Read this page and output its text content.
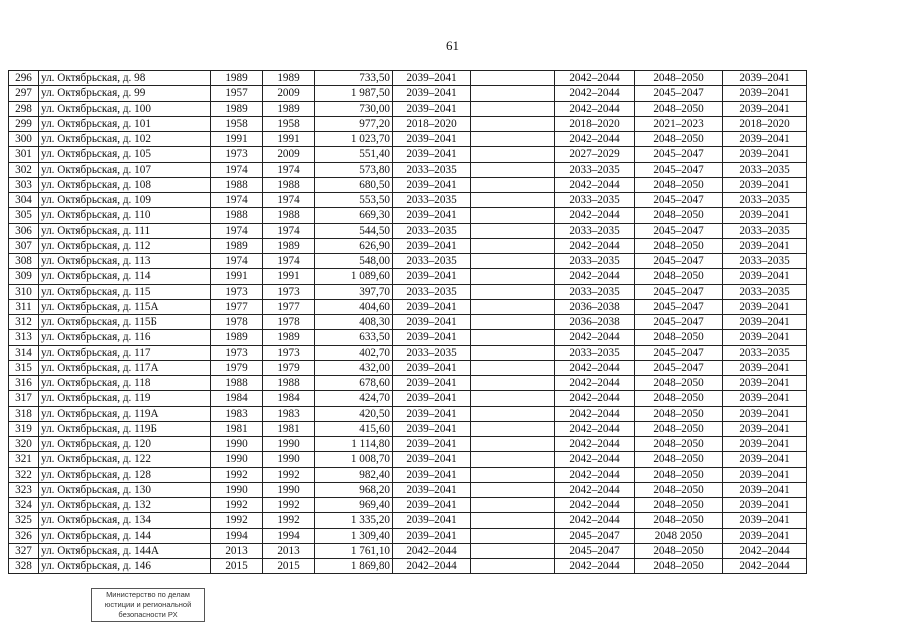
61
296	ул. Октябрьская, д. 98	1989	1989	733,50	2039–2041		2042–2044	2048–2050	2039–2041
297	ул. Октябрьская, д. 99	1957	2009	1 987,50	2039–2041		2042–2044	2045–2047	2039–2041
298	ул. Октябрьская, д. 100	1989	1989	730,00	2039–2041		2042–2044	2048–2050	2039–2041
299	ул. Октябрьская, д. 101	1958	1958	977,20	2018–2020		2018–2020	2021–2023	2018–2020
300	ул. Октябрьская, д. 102	1991	1991	1 023,70	2039–2041		2042–2044	2048–2050	2039–2041
301	ул. Октябрьская, д. 105	1973	2009	551,40	2039–2041		2027–2029	2045–2047	2039–2041
302	ул. Октябрьская, д. 107	1974	1974	573,80	2033–2035		2033–2035	2045–2047	2033–2035
303	ул. Октябрьская, д. 108	1988	1988	680,50	2039–2041		2042–2044	2048–2050	2039–2041
304	ул. Октябрьская, д. 109	1974	1974	553,50	2033–2035		2033–2035	2045–2047	2033–2035
305	ул. Октябрьская, д. 110	1988	1988	669,30	2039–2041		2042–2044	2048–2050	2039–2041
306	ул. Октябрьская, д. 111	1974	1974	544,50	2033–2035		2033–2035	2045–2047	2033–2035
307	ул. Октябрьская, д. 112	1989	1989	626,90	2039–2041		2042–2044	2048–2050	2039–2041
308	ул. Октябрьская, д. 113	1974	1974	548,00	2033–2035		2033–2035	2045–2047	2033–2035
309	ул. Октябрьская, д. 114	1991	1991	1 089,60	2039–2041		2042–2044	2048–2050	2039–2041
310	ул. Октябрьская, д. 115	1973	1973	397,70	2033–2035		2033–2035	2045–2047	2033–2035
311	ул. Октябрьская, д. 115А	1977	1977	404,60	2039–2041		2036–2038	2045–2047	2039–2041
312	ул. Октябрьская, д. 115Б	1978	1978	408,30	2039–2041		2036–2038	2045–2047	2039–2041
313	ул. Октябрьская, д. 116	1989	1989	633,50	2039–2041		2042–2044	2048–2050	2039–2041
314	ул. Октябрьская, д. 117	1973	1973	402,70	2033–2035		2033–2035	2045–2047	2033–2035
315	ул. Октябрьская, д. 117А	1979	1979	432,00	2039–2041		2042–2044	2045–2047	2039–2041
316	ул. Октябрьская, д. 118	1988	1988	678,60	2039–2041		2042–2044	2048–2050	2039–2041
317	ул. Октябрьская, д. 119	1984	1984	424,70	2039–2041		2042–2044	2048–2050	2039–2041
318	ул. Октябрьская, д. 119А	1983	1983	420,50	2039–2041		2042–2044	2048–2050	2039–2041
319	ул. Октябрьская, д. 119Б	1981	1981	415,60	2039–2041		2042–2044	2048–2050	2039–2041
320	ул. Октябрьская, д. 120	1990	1990	1 114,80	2039–2041		2042–2044	2048–2050	2039–2041
321	ул. Октябрьская, д. 122	1990	1990	1 008,70	2039–2041		2042–2044	2048–2050	2039–2041
322	ул. Октябрьская, д. 128	1992	1992	982,40	2039–2041		2042–2044	2048–2050	2039–2041
323	ул. Октябрьская, д. 130	1990	1990	968,20	2039–2041		2042–2044	2048–2050	2039–2041
324	ул. Октябрьская, д. 132	1992	1992	969,40	2039–2041		2042–2044	2048–2050	2039–2041
325	ул. Октябрьская, д. 134	1992	1992	1 335,20	2039–2041		2042–2044	2048–2050	2039–2041
326	ул. Октябрьская, д. 144	1994	1994	1 309,40	2039–2041		2045–2047	2048 2050	2039–2041
327	ул. Октябрьская, д. 144А	2013	2013	1 761,10	2042–2044		2045–2047	2048–2050	2042–2044
328	ул. Октябрьская, д. 146	2015	2015	1 869,80	2042–2044		2042–2044	2048–2050	2042–2044
Министерство по делам
юстиции и региональной
безопасности РХ
